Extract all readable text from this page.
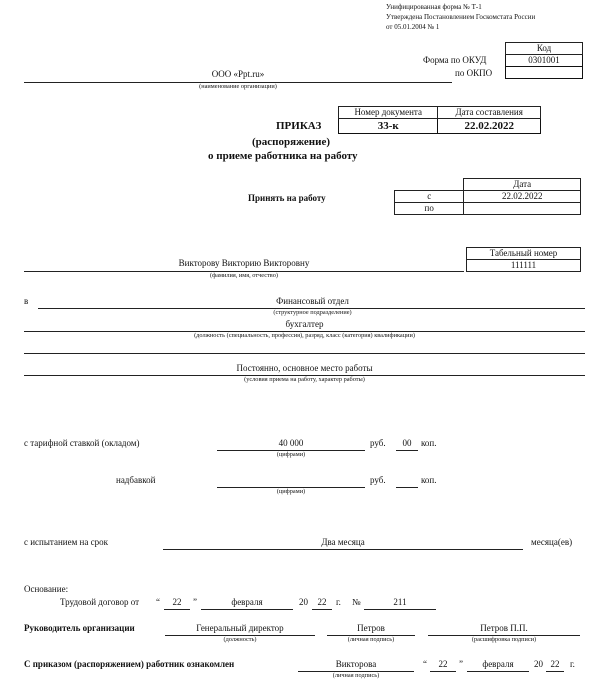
Унифицированная форма № Т-1
Утверждена Постановлением Госкомстата России
от 05.01.2004 № 1
Код
0301001

Форма по ОКУД
по ОКПО
ООО «Ppt.ru»
(наименование организации)
Номер документа	Дата составления
33-к	22.02.2022
ПРИКАЗ
(распоряжение)
о приеме работника на работу
Принять на работу
	Дата
с	22.02.2022
по	
Табельный номер
111111
Викторову Викторию Викторовну
(фамилия, имя, отчество)
в	Финансовый отдел
(структурное подразделение)
бухгалтер
(должность (специальность, профессия), разряд, класс (категория) квалификации)
Постоянно, основное место работы
(условия приема на работу, характер работы)
с тарифной ставкой (окладом)	40 000
(цифрами)
руб.	00	коп.
надбавкой
(цифрами)
руб.	коп.
с испытанием на срок	Два месяца	месяца(ев)
Основание:
Трудовой договор от “	22	”	февраля	20	22	г. №	211
Руководитель организации	Генеральный директор
(должность)
Петров
(личная подпись)
Петров П.П.
(расшифровка подписи)
С приказом (распоряжением) работник ознакомлен	Викторова
(личная подпись)
“	22	”	февраля	20 22	г.
